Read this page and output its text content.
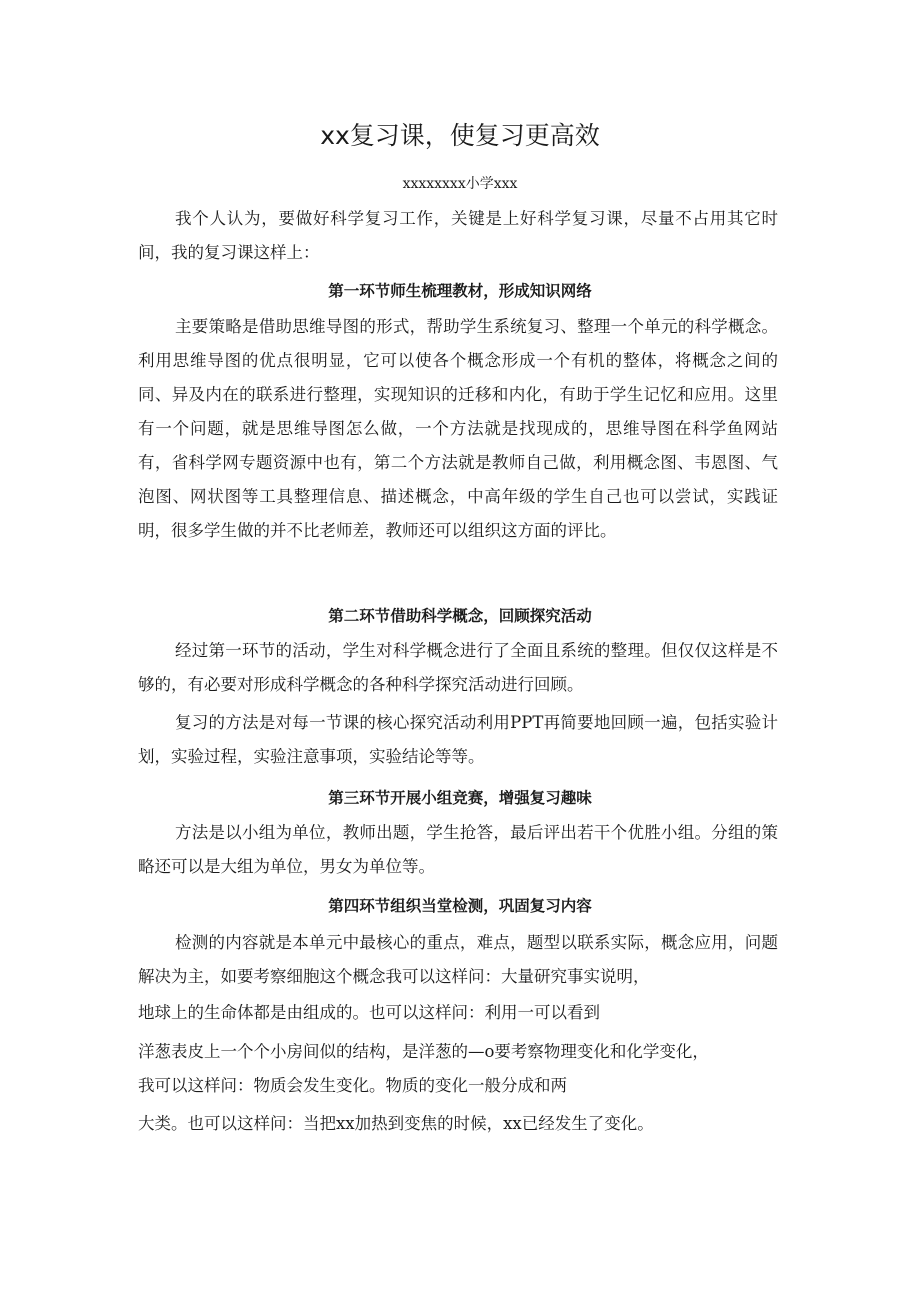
xx复习课，使复习更高效

xxxxxxxx小学xxx

我个人认为，要做好科学复习工作，关键是上好科学复习课，尽量不占用其它时间，我的复习课这样上：

第一环节师生梳理教材，形成知识网络

主要策略是借助思维导图的形式，帮助学生系统复习、整理一个单元的科学概念。利用思维导图的优点很明显，它可以使各个概念形成一个有机的整体，将概念之间的同、异及内在的联系进行整理，实现知识的迁移和内化，有助于学生记忆和应用。这里有一个问题，就是思维导图怎么做，一个方法就是找现成的，思维导图在科学鱼网站有，省科学网专题资源中也有，第二个方法就是教师自己做，利用概念图、韦恩图、气泡图、网状图等工具整理信息、描述概念，中高年级的学生自己也可以尝试，实践证明，很多学生做的并不比老师差，教师还可以组织这方面的评比。

第二环节借助科学概念，回顾探究活动

经过第一环节的活动，学生对科学概念进行了全面且系统的整理。但仅仅这样是不够的，有必要对形成科学概念的各种科学探究活动进行回顾。

复习的方法是对每一节课的核心探究活动利用PPT再简要地回顾一遍，包括实验计划，实验过程，实验注意事项，实验结论等等。

第三环节开展小组竞赛，增强复习趣味

方法是以小组为单位，教师出题，学生抢答，最后评出若干个优胜小组。分组的策略还可以是大组为单位，男女为单位等。

第四环节组织当堂检测，巩固复习内容

检测的内容就是本单元中最核心的重点，难点，题型以联系实际，概念应用，问题解决为主，如要考察细胞这个概念我可以这样问：大量研究事实说明，

地球上的生命体都是由组成的。也可以这样问：利用一可以看到

洋葱表皮上一个个小房间似的结构，是洋葱的—o要考察物理变化和化学变化，

我可以这样问：物质会发生变化。物质的变化一般分成和两

大类。也可以这样问：当把xx加热到变焦的时候，xx已经发生了变化。
